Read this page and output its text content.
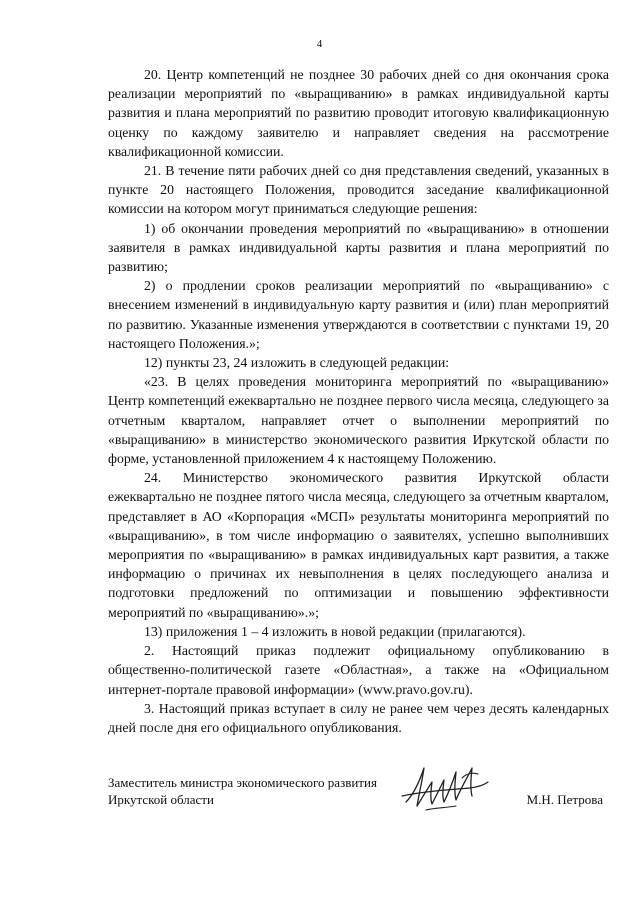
4

20. Центр компетенций не позднее 30 рабочих дней со дня окончания срока реализации мероприятий по «выращиванию» в рамках индивидуальной карты развития и плана мероприятий по развитию проводит итоговую квалификационную оценку по каждому заявителю и направляет сведения на рассмотрение квалификационной комиссии.

21. В течение пяти рабочих дней со дня представления сведений, указанных в пункте 20 настоящего Положения, проводится заседание квалификационной комиссии на котором могут приниматься следующие решения:

1) об окончании проведения мероприятий по «выращиванию» в отношении заявителя в рамках индивидуальной карты развития и плана мероприятий по развитию;

2) о продлении сроков реализации мероприятий по «выращиванию» с внесением изменений в индивидуальную карту развития и (или) план мероприятий по развитию. Указанные изменения утверждаются в соответствии с пунктами 19, 20 настоящего Положения.»;

12) пункты 23, 24 изложить в следующей редакции:

«23. В целях проведения мониторинга мероприятий по «выращиванию» Центр компетенций ежеквартально не позднее первого числа месяца, следующего за отчетным кварталом, направляет отчет о выполнении мероприятий по «выращиванию» в министерство экономического развития Иркутской области по форме, установленной приложением 4 к настоящему Положению.

24. Министерство экономического развития Иркутской области ежеквартально не позднее пятого числа месяца, следующего за отчетным кварталом, представляет в АО «Корпорация «МСП» результаты мониторинга мероприятий по «выращиванию», в том числе информацию о заявителях, успешно выполнивших мероприятия по «выращиванию» в рамках индивидуальных карт развития, а также информацию о причинах их невыполнения в целях последующего анализа и подготовки предложений по оптимизации и повышению эффективности мероприятий по «выращиванию».»;

13) приложения 1 – 4 изложить в новой редакции (прилагаются).

2. Настоящий приказ подлежит официальному опубликованию в общественно-политической газете «Областная», а также на «Официальном интернет-портале правовой информации» (www.pravo.gov.ru).

3. Настоящий приказ вступает в силу не ранее чем через десять календарных дней после дня его официального опубликования.

Заместитель министра экономического развития Иркутской области	М.Н. Петрова
